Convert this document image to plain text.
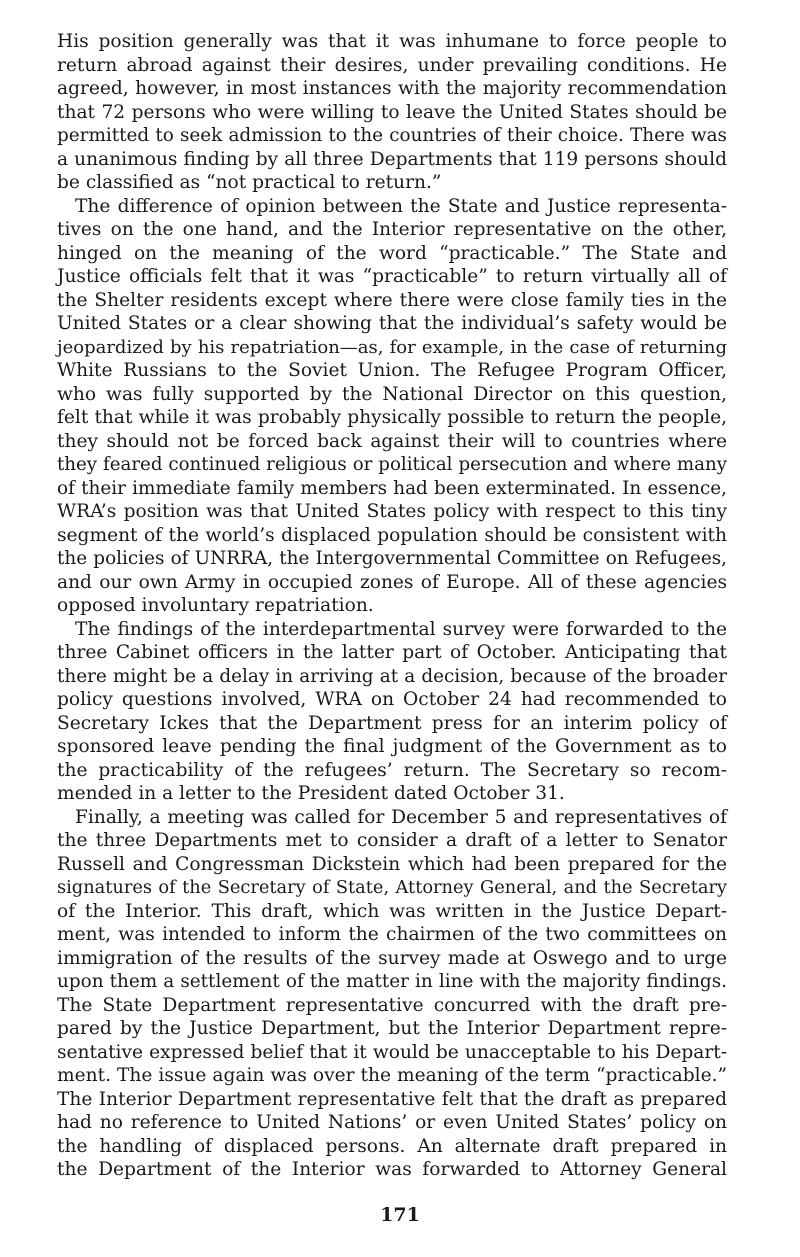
His position generally was that it was inhumane to force people to
return abroad against their desires, under prevailing conditions. He
agreed, however, in most instances with the majority recommendation
that 72 persons who were willing to leave the United States should be
permitted to seek admission to the countries of their choice. There was
a unanimous finding by all three Departments that 119 persons should
be classified as “not practical to return.”
The difference of opinion between the State and Justice representa-
tives on the one hand, and the Interior representative on the other,
hinged on the meaning of the word “practicable.” The State and
Justice officials felt that it was “practicable” to return virtually all of
the Shelter residents except where there were close family ties in the
United States or a clear showing that the individual’s safety would be
jeopardized by his repatriation—as, for example, in the case of returning
White Russians to the Soviet Union. The Refugee Program Officer,
who was fully supported by the National Director on this question,
felt that while it was probably physically possible to return the people,
they should not be forced back against their will to countries where
they feared continued religious or political persecution and where many
of their immediate family members had been exterminated. In essence,
WRA’s position was that United States policy with respect to this tiny
segment of the world’s displaced population should be consistent with
the policies of UNRRA, the Intergovernmental Committee on Refugees,
and our own Army in occupied zones of Europe. All of these agencies
opposed involuntary repatriation.
The findings of the interdepartmental survey were forwarded to the
three Cabinet officers in the latter part of October. Anticipating that
there might be a delay in arriving at a decision, because of the broader
policy questions involved, WRA on October 24 had recommended to
Secretary Ickes that the Department press for an interim policy of
sponsored leave pending the final judgment of the Government as to
the practicability of the refugees’ return. The Secretary so recom-
mended in a letter to the President dated October 31.
Finally, a meeting was called for December 5 and representatives of
the three Departments met to consider a draft of a letter to Senator
Russell and Congressman Dickstein which had been prepared for the
signatures of the Secretary of State, Attorney General, and the Secretary
of the Interior. This draft, which was written in the Justice Depart-
ment, was intended to inform the chairmen of the two committees on
immigration of the results of the survey made at Oswego and to urge
upon them a settlement of the matter in line with the majority findings.
The State Department representative concurred with the draft pre-
pared by the Justice Department, but the Interior Department repre-
sentative expressed belief that it would be unacceptable to his Depart-
ment. The issue again was over the meaning of the term “practicable.”
The Interior Department representative felt that the draft as prepared
had no reference to United Nations’ or even United States’ policy on
the handling of displaced persons. An alternate draft prepared in
the Department of the Interior was forwarded to Attorney General
171
